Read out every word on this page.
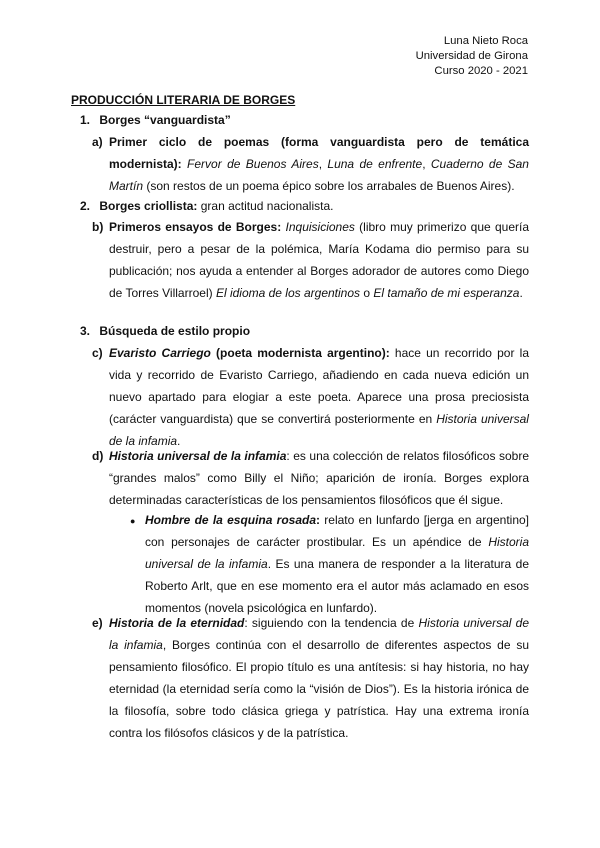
Luna Nieto Roca
Universidad de Girona
Curso 2020 - 2021
PRODUCCIÓN LITERARIA DE BORGES
1. Borges “vanguardista”
a) Primer ciclo de poemas (forma vanguardista pero de temática modernista): Fervor de Buenos Aires, Luna de enfrente, Cuaderno de San Martín (son restos de un poema épico sobre los arrabales de Buenos Aires).
2. Borges criollista: gran actitud nacionalista.
b) Primeros ensayos de Borges: Inquisiciones (libro muy primerizo que quería destruir, pero a pesar de la polémica, María Kodama dio permiso para su publicación; nos ayuda a entender al Borges adorador de autores como Diego de Torres Villarroel) El idioma de los argentinos o El tamaño de mi esperanza.
3. Búsqueda de estilo propio
c) Evaristo Carriego (poeta modernista argentino): hace un recorrido por la vida y recorrido de Evaristo Carriego, añadiendo en cada nueva edición un nuevo apartado para elogiar a este poeta. Aparece una prosa preciosista (carácter vanguardista) que se convertirá posteriormente en Historia universal de la infamia.
d) Historia universal de la infamia: es una colección de relatos filosóficos sobre “grandes malos” como Billy el Niño; aparición de ironía. Borges explora determinadas características de los pensamientos filosóficos que él sigue.
● Hombre de la esquina rosada: relato en lunfardo [jerga en argentino] con personajes de carácter prostibular. Es un apéndice de Historia universal de la infamia. Es una manera de responder a la literatura de Roberto Arlt, que en ese momento era el autor más aclamado en esos momentos (novela psicológica en lunfardo).
e) Historia de la eternidad: siguiendo con la tendencia de Historia universal de la infamia, Borges continúa con el desarrollo de diferentes aspectos de su pensamiento filosófico. El propio título es una antítesis: si hay historia, no hay eternidad (la eternidad sería como la “visión de Dios”). Es la historia irónica de la filosofía, sobre todo clásica griega y patrística. Hay una extrema ironía contra los filósofos clásicos y de la patrística.
